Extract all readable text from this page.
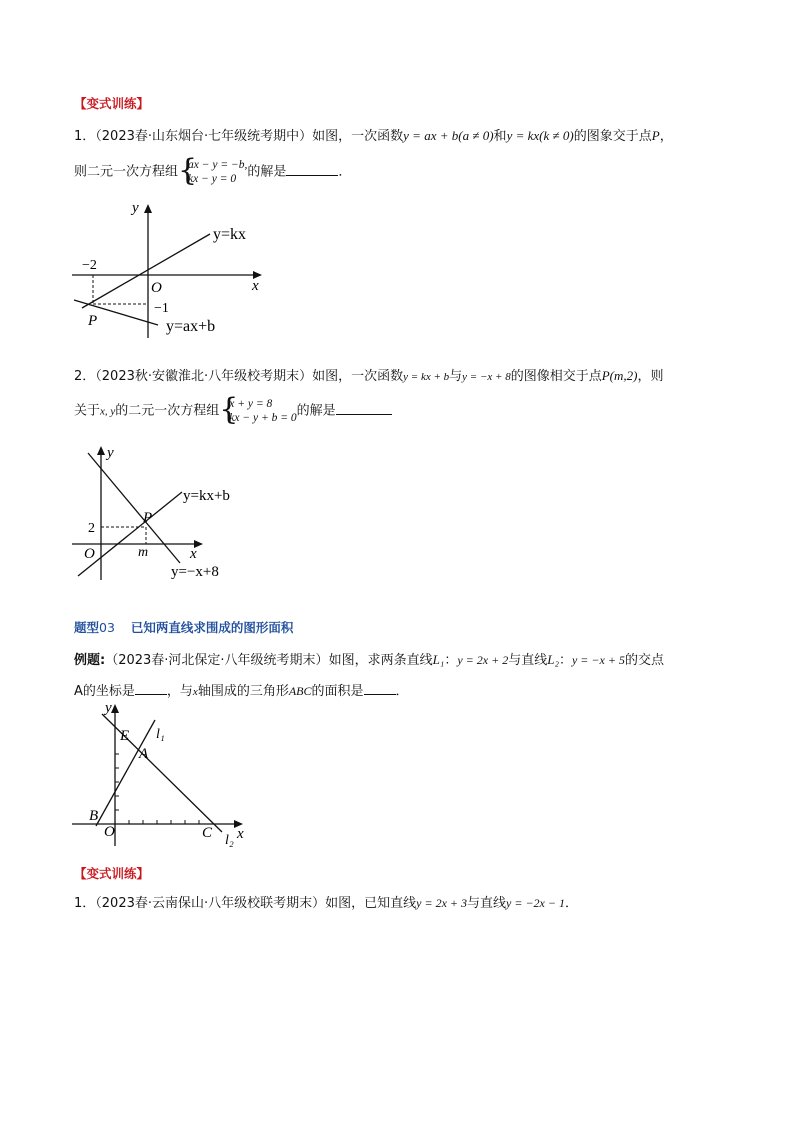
【变式训练】
1．（2023春·山东烟台·七年级统考期中）如图，一次函数y = ax + b(a ≠ 0)和y = kx(k ≠ 0)的图象交于点P，
则二元一次方程组 {
ax − y = −b,
kx − y = 0 的解是	．
y
x
O
−2
−1
P
y=kx
y=ax+b
2．（2023秋·安徽淮北·八年级校考期末）如图，一次函数y = kx + b与y = −x + 8的图像相交于点P(m,2)，则
关于x, y的二元一次方程组 {
x + y = 8
kx − y + b = 0 的解是
y
x
O
2
P
m
y=kx+b
y=−x+8
题型03 已知两直线求围成的图形面积
例题:（2023春·河北保定·八年级统考期末）如图，求两条直线L₁：y = 2x + 2与直线L₂：y = −x + 5的交点
A的坐标是 ，与x轴围成的三角形ABC的面积是 ．
y
x
O
E
A
B
C
l₁
l₂
【变式训练】
1．（2023春·云南保山·八年级校联考期末）如图，已知直线y = 2x + 3与直线y = −2x − 1．
